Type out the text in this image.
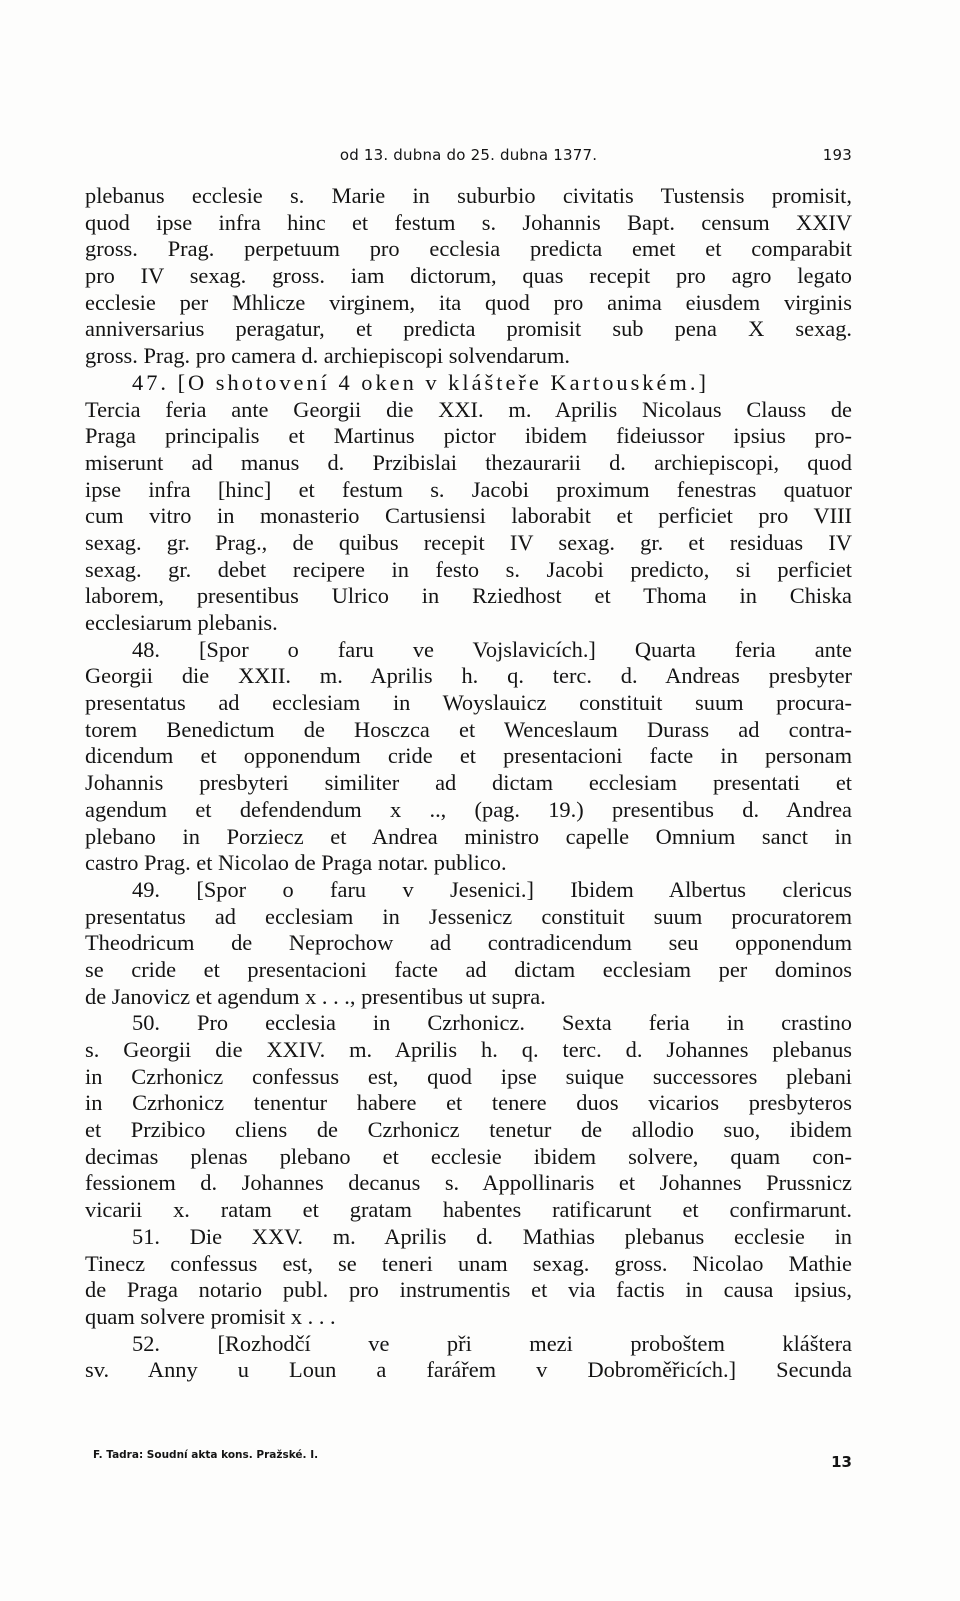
od 13. dubna do 25. dubna 1377.	193
plebanus ecclesie s. Marie in suburbio civitatis Tustensis promisit,
quod ipse infra hinc et festum s. Johannis Bapt. censum XXIV
gross. Prag. perpetuum pro ecclesia predicta emet et comparabit
pro IV sexag. gross. iam dictorum, quas recepit pro agro legato
ecclesie per Mhlicze virginem, ita quod pro anima eiusdem virginis
anniversarius peragatur, et predicta promisit sub pena X sexag.
gross. Prag. pro camera d. archiepiscopi solvendarum.
47. [O shotovení 4 oken v klášteře Kartouském.]
Tercia feria ante Georgii die XXI. m. Aprilis Nicolaus Clauss de
Praga principalis et Martinus pictor ibidem fideiussor ipsius pro-
miserunt ad manus d. Przibislai thezaurarii d. archiepiscopi, quod
ipse infra [hinc] et festum s. Jacobi proximum fenestras quatuor
cum vitro in monasterio Cartusiensi laborabit et perficiet pro VIII
sexag. gr. Prag., de quibus recepit IV sexag. gr. et residuas IV
sexag. gr. debet recipere in festo s. Jacobi predicto, si perficiet
laborem, presentibus Ulrico in Rziedhost et Thoma in Chiska
ecclesiarum plebanis.
48. [Spor o faru ve Vojslavicích.] Quarta feria ante
Georgii die XXII. m. Aprilis h. q. terc. d. Andreas presbyter
presentatus ad ecclesiam in Woyslauicz constituit suum procura-
torem Benedictum de Hosczca et Wenceslaum Durass ad contra-
dicendum et opponendum cride et presentacioni facte in personam
Johannis presbyteri similiter ad dictam ecclesiam presentati et
agendum et defendendum x .., (pag. 19.) presentibus d. Andrea
plebano in Porziecz et Andrea ministro capelle Omnium sanct in
castro Prag. et Nicolao de Praga notar. publico.
49. [Spor o faru v Jesenici.] Ibidem Albertus clericus
presentatus ad ecclesiam in Jessenicz constituit suum procuratorem
Theodricum de Neprochow ad contradicendum seu opponendum
se cride et presentacioni facte ad dictam ecclesiam per dominos
de Janovicz et agendum x . . ., presentibus ut supra.
50. Pro ecclesia in Czrhonicz. Sexta feria in crastino
s. Georgii die XXIV. m. Aprilis h. q. terc. d. Johannes plebanus
in Czrhonicz confessus est, quod ipse suique successores plebani
in Czrhonicz tenentur habere et tenere duos vicarios presbyteros
et Przibico cliens de Czrhonicz tenetur de allodio suo, ibidem
decimas plenas plebano et ecclesie ibidem solvere, quam con-
fessionem d. Johannes decanus s. Appollinaris et Johannes Prussnicz
vicarii x. ratam et gratam habentes ratificarunt et confirmarunt.
51. Die XXV. m. Aprilis d. Mathias plebanus ecclesie in
Tinecz confessus est, se teneri unam sexag. gross. Nicolao Mathie
de Praga notario publ. pro instrumentis et via factis in causa ipsius,
quam solvere promisit x . . .
52. [Rozhodčí ve při mezi proboštem kláštera
sv. Anny u Loun a farářem v Dobroměřicích.] Secunda
F. Tadra: Soudní akta kons. Pražské. I.	13
